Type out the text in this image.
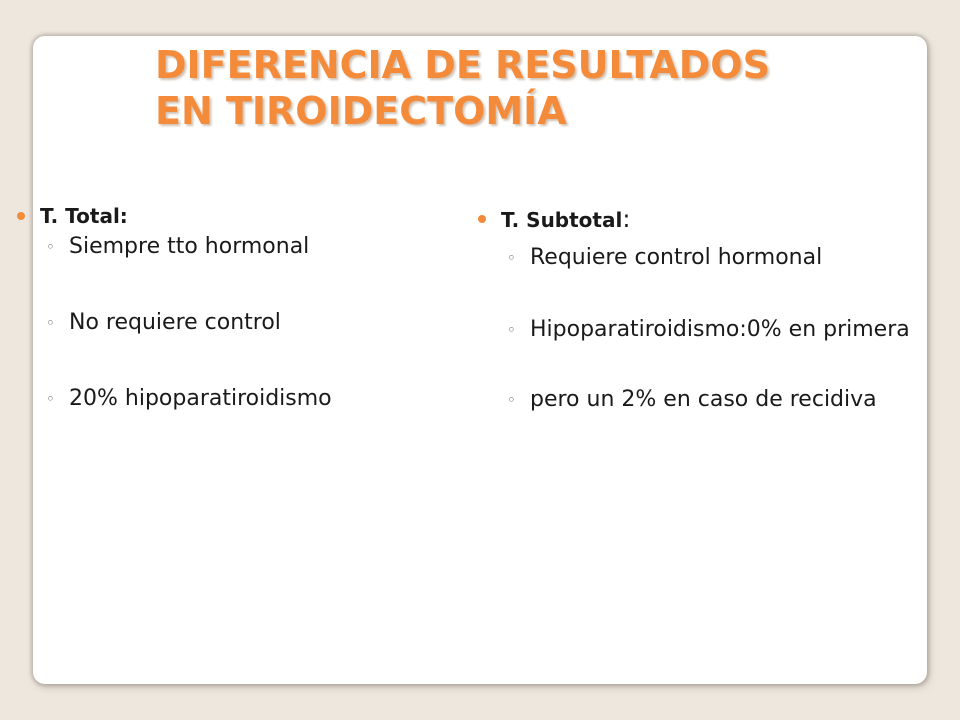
DIFERENCIA DE RESULTADOS
EN TIROIDECTOMÍA
T. Total:
◦ Siempre tto hormonal
◦ No requiere control
◦ 20% hipoparatiroidismo
T. Subtotal:
◦ Requiere control hormonal
◦ Hipoparatiroidismo:0% en primera
◦ pero un 2% en caso de recidiva
